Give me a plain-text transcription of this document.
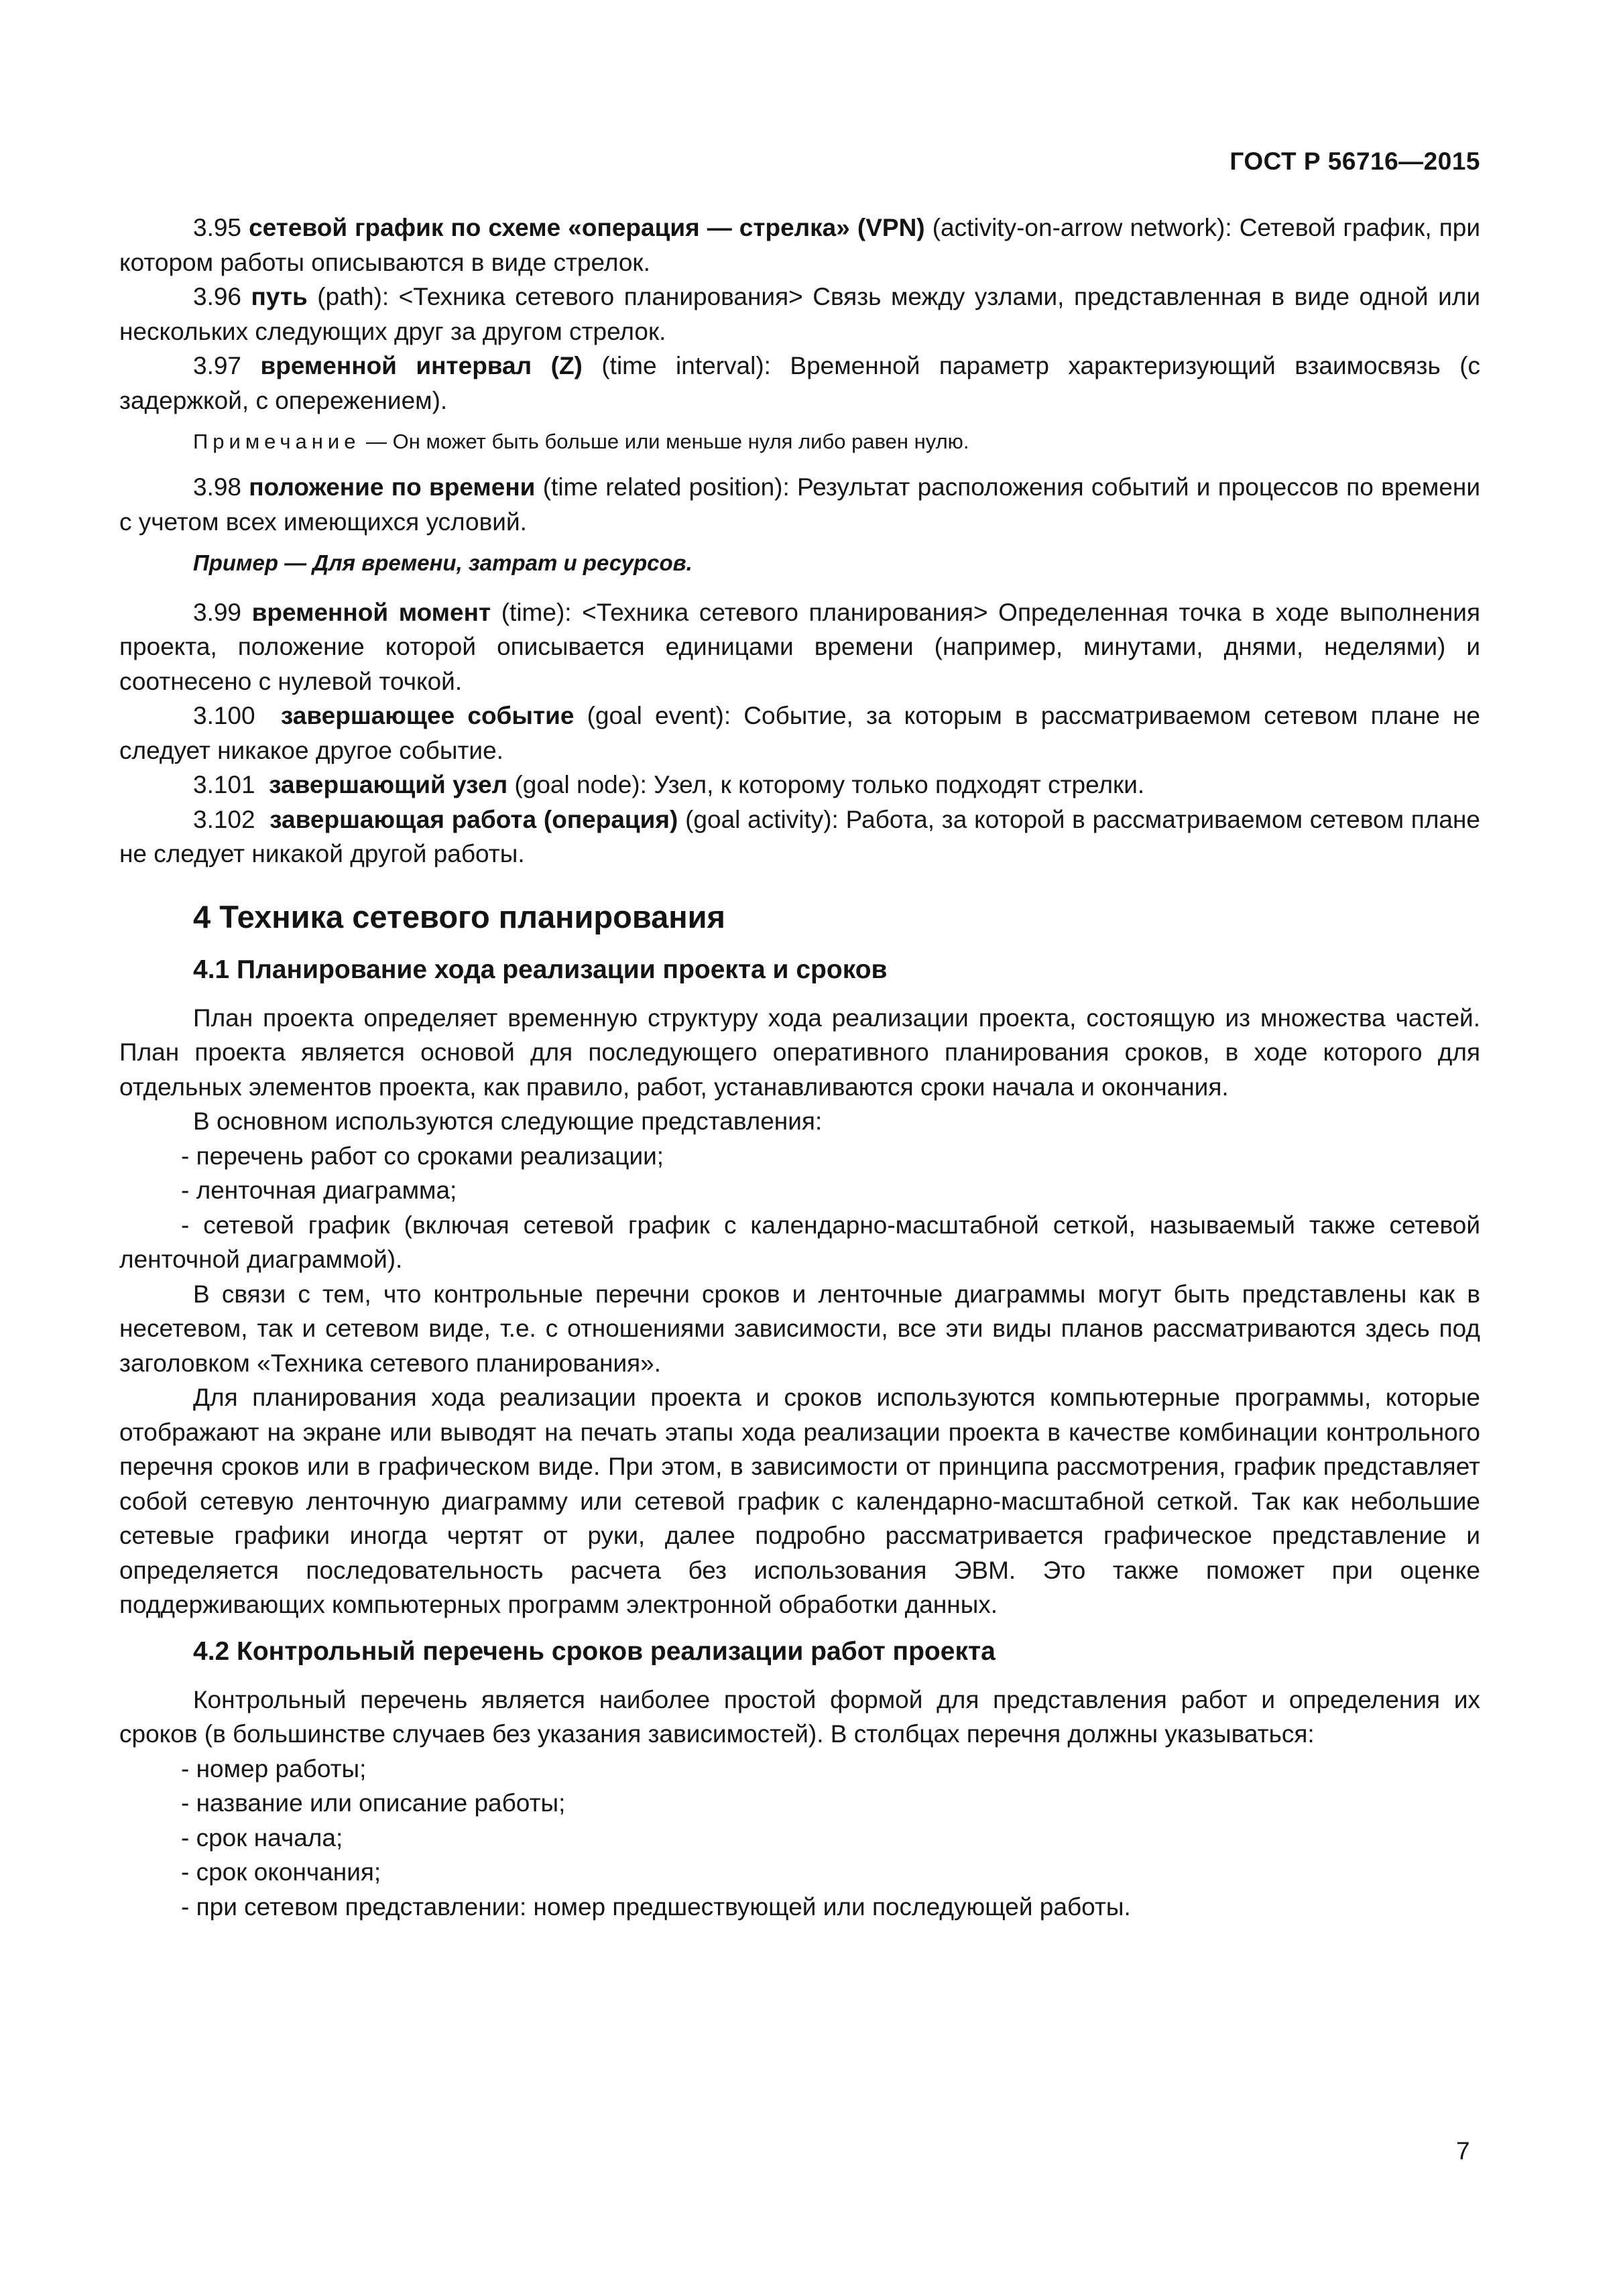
ГОСТ Р 56716—2015

3.95 сетевой график по схеме «операция — стрелка» (VPN) (activity-on-arrow network): Сетевой график, при котором работы описываются в виде стрелок.

3.96 путь (path): <Техника сетевого планирования> Связь между узлами, представленная в виде одной или нескольких следующих друг за другом стрелок.

3.97 временной интервал (Z) (time interval): Временной параметр характеризующий взаимосвязь (с задержкой, с опережением).

Примечание — Он может быть больше или меньше нуля либо равен нулю.

3.98 положение по времени (time related position): Результат расположения событий и процессов по времени с учетом всех имеющихся условий.

Пример — Для времени, затрат и ресурсов.

3.99 временной момент (time): <Техника сетевого планирования> Определенная точка в ходе выполнения проекта, положение которой описывается единицами времени (например, минутами, днями, неделями) и соотнесено с нулевой точкой.

3.100 завершающее событие (goal event): Событие, за которым в рассматриваемом сетевом плане не следует никакое другое событие.

3.101 завершающий узел (goal node): Узел, к которому только подходят стрелки.

3.102 завершающая работа (операция) (goal activity): Работа, за которой в рассматриваемом сетевом плане не следует никакой другой работы.

4 Техника сетевого планирования
4.1 Планирование хода реализации проекта и сроков

План проекта определяет временную структуру хода реализации проекта, состоящую из множества частей. План проекта является основой для последующего оперативного планирования сроков, в ходе которого для отдельных элементов проекта, как правило, работ, устанавливаются сроки начала и окончания.

В основном используются следующие представления:

- перечень работ со сроками реализации;

- ленточная диаграмма;

- сетевой график (включая сетевой график с календарно-масштабной сеткой, называемый также сетевой ленточной диаграммой).

В связи с тем, что контрольные перечни сроков и ленточные диаграммы могут быть представлены как в несетевом, так и сетевом виде, т.е. с отношениями зависимости, все эти виды планов рассматриваются здесь под заголовком «Техника сетевого планирования».

Для планирования хода реализации проекта и сроков используются компьютерные программы, которые отображают на экране или выводят на печать этапы хода реализации проекта в качестве комбинации контрольного перечня сроков или в графическом виде. При этом, в зависимости от принципа рассмотрения, график представляет собой сетевую ленточную диаграмму или сетевой график с календарно-масштабной сеткой. Так как небольшие сетевые графики иногда чертят от руки, далее подробно рассматривается графическое представление и определяется последовательность расчета без использования ЭВМ. Это также поможет при оценке поддерживающих компьютерных программ электронной обработки данных.

4.2 Контрольный перечень сроков реализации работ проекта

Контрольный перечень является наиболее простой формой для представления работ и определения их сроков (в большинстве случаев без указания зависимостей). В столбцах перечня должны указываться:

- номер работы;

- название или описание работы;

- срок начала;

- срок окончания;

- при сетевом представлении: номер предшествующей или последующей работы.

7
